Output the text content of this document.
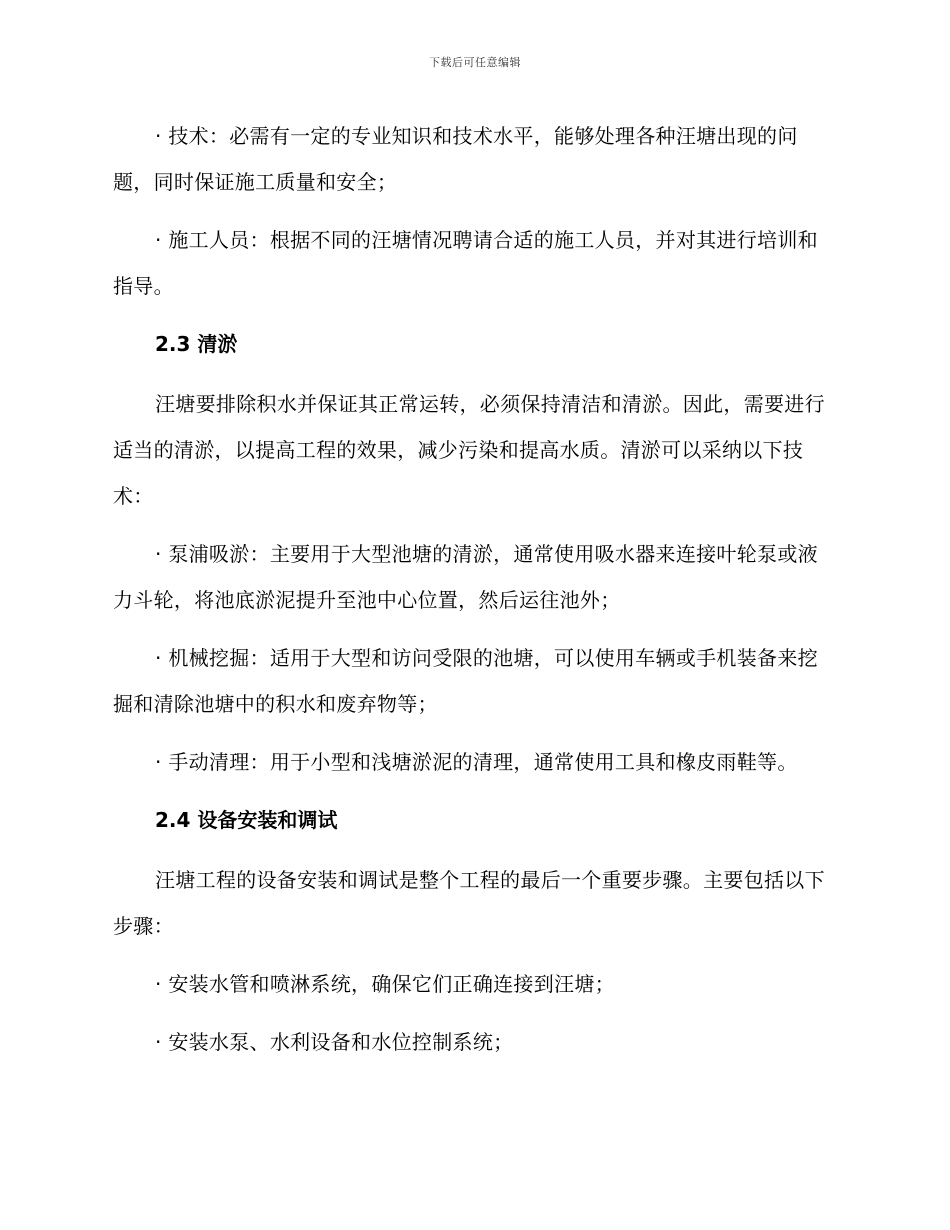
下载后可任意编辑

· 技术：必需有一定的专业知识和技术水平，能够处理各种汪塘出现的问题，同时保证施工质量和安全；

· 施工人员：根据不同的汪塘情况聘请合适的施工人员，并对其进行培训和指导。

2.3 清淤

汪塘要排除积水并保证其正常运转，必须保持清洁和清淤。因此，需要进行适当的清淤，以提高工程的效果，减少污染和提高水质。清淤可以采纳以下技术：

· 泵浦吸淤：主要用于大型池塘的清淤，通常使用吸水器来连接叶轮泵或液力斗轮，将池底淤泥提升至池中心位置，然后运往池外；

· 机械挖掘：适用于大型和访问受限的池塘，可以使用车辆或手机装备来挖掘和清除池塘中的积水和废弃物等；

· 手动清理：用于小型和浅塘淤泥的清理，通常使用工具和橡皮雨鞋等。

2.4 设备安装和调试

汪塘工程的设备安装和调试是整个工程的最后一个重要步骤。主要包括以下步骤：

· 安装水管和喷淋系统，确保它们正确连接到汪塘；

· 安装水泵、水利设备和水位控制系统；
